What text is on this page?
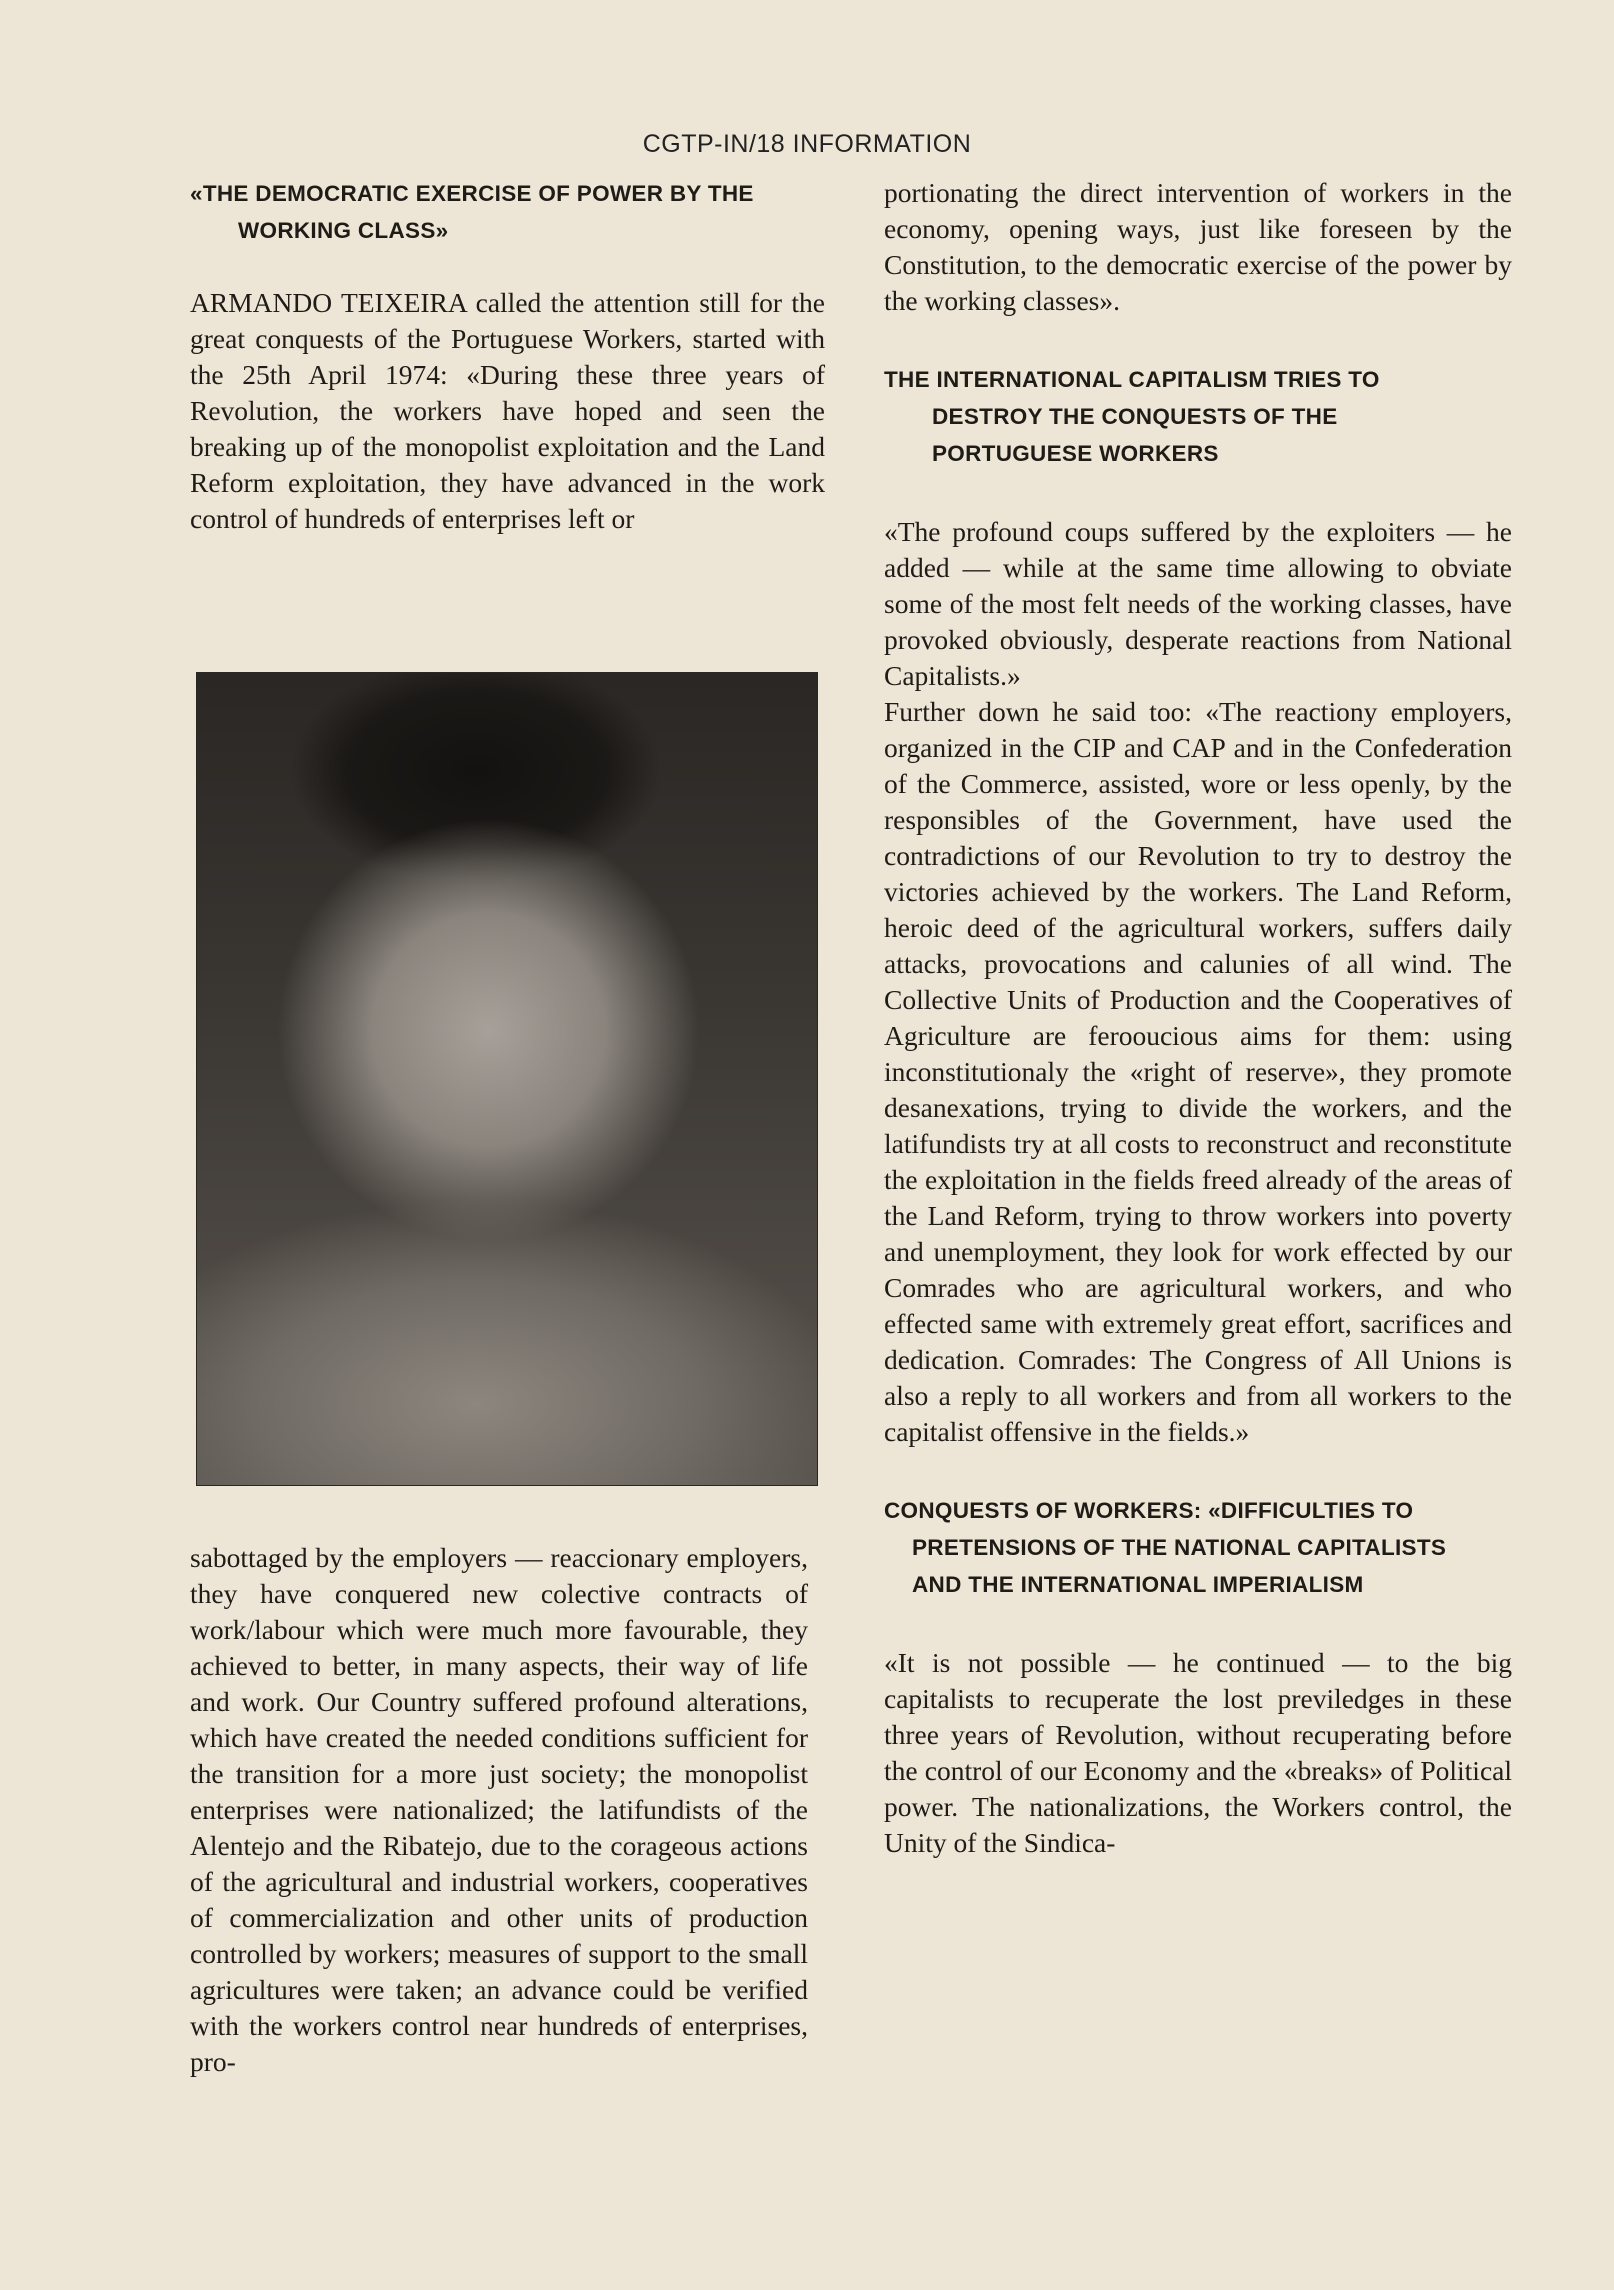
CGTP-IN/18 INFORMATION
«THE DEMOCRATIC EXERCISE OF POWER BY THE
WORKING CLASS»

ARMANDO TEIXEIRA called the attention still for the great conquests of the Portuguese Workers, started with the 25th April 1974: «During these three years of Revolution, the workers have hoped and seen the breaking up of the monopolist exploitation and the Land Reform exploitation, they have advanced in the work control of hundreds of enterprises left or

sabottaged by the employers — reaccionary employers, they have conquered new colective contracts of work/labour which were much more favourable, they achieved to better, in many aspects, their way of life and work. Our Country suffered profound alterations, which have created the needed conditions sufficient for the transition for a more just society; the monopolist enterprises were nationalized; the latifundists of the Alentejo and the Ribatejo, due to the corageous actions of the agricultural and industrial workers, cooperatives of commercialization and other units of production controlled by workers; measures of support to the small agricultures were taken; an advance could be verified with the workers control near hundreds of enterprises, pro-

portionating the direct intervention of workers in the economy, opening ways, just like foreseen by the Constitution, to the democratic exercise of the power by the working classes».

THE INTERNATIONAL CAPITALISM TRIES TO
DESTROY THE CONQUESTS OF THE
PORTUGUESE WORKERS

«The profound coups suffered by the exploiters — he added — while at the same time allowing to obviate some of the most felt needs of the working classes, have provoked obviously, desperate reactions from National Capitalists.»

Further down he said too: «The reactiony employers, organized in the CIP and CAP and in the Confederation of the Commerce, assisted, wore or less openly, by the responsibles of the Government, have used the contradictions of our Revolution to try to destroy the victories achieved by the workers. The Land Reform, heroic deed of the agricultural workers, suffers daily attacks, provocations and calunies of all wind. The Collective Units of Production and the Cooperatives of Agriculture are ferooucious aims for them: using inconstitutionaly the «right of reserve», they promote desanexations, trying to divide the workers, and the latifundists try at all costs to reconstruct and reconstitute the exploitation in the fields freed already of the areas of the Land Reform, trying to throw workers into poverty and unemployment, they look for work effected by our Comrades who are agricultural workers, and who effected same with extremely great effort, sacrifices and dedication. Comrades: The Congress of All Unions is also a reply to all workers and from all workers to the capitalist offensive in the fields.»

CONQUESTS OF WORKERS: «DIFFICULTIES TO
PRETENSIONS OF THE NATIONAL CAPITALISTS
AND THE INTERNATIONAL IMPERIALISM

«It is not possible — he continued — to the big capitalists to recuperate the lost previledges in these three years of Revolution, without recuperating before the control of our Economy and the «breaks» of Political power. The nationalizations, the Workers control, the Unity of the Sindica-
